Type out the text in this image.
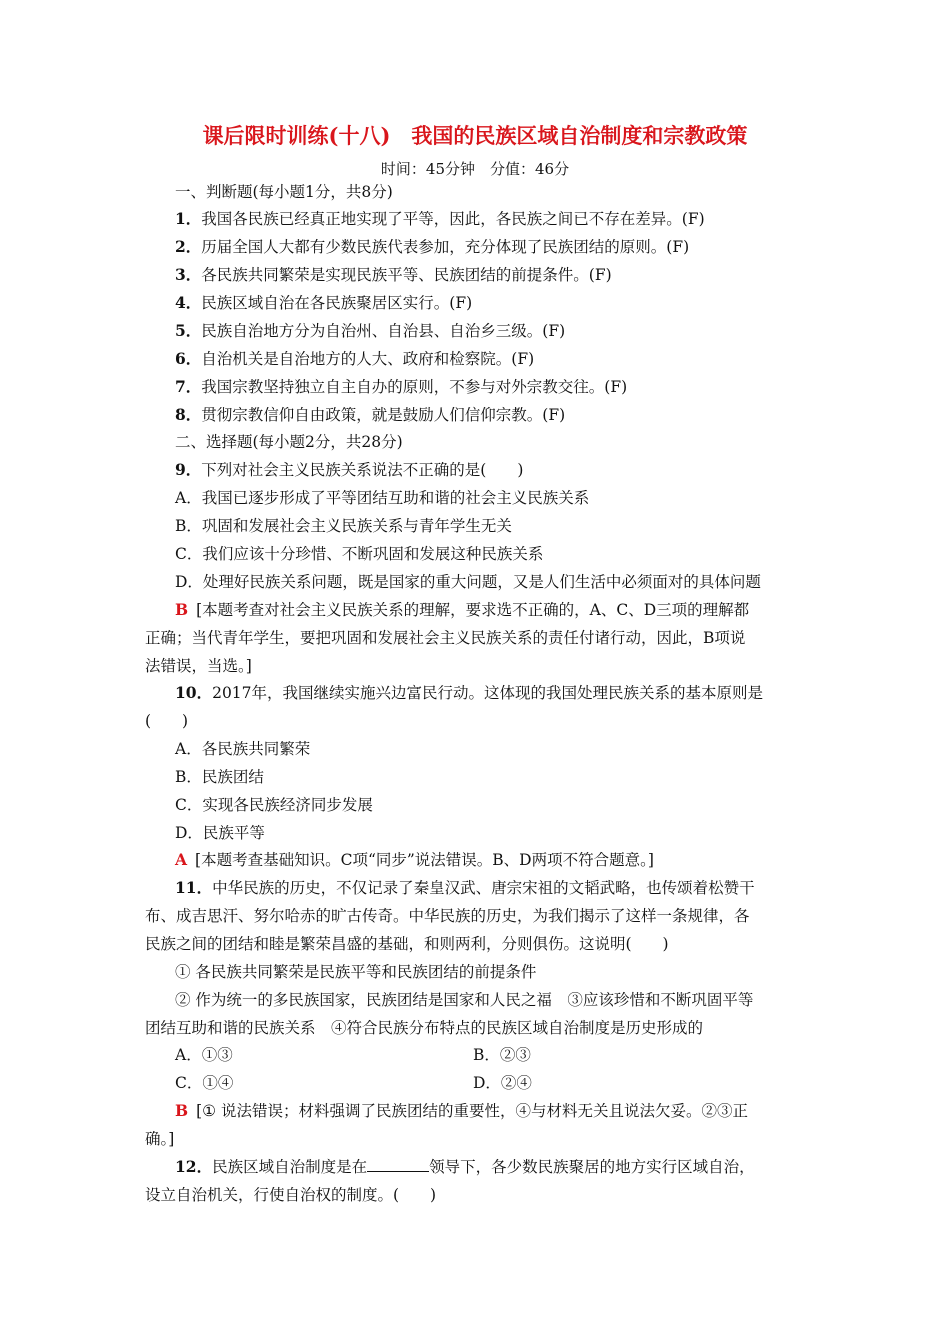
课后限时训练(十八)　我国的民族区域自治制度和宗教政策
时间：45分钟　分值：46分
一、判断题(每小题1分，共8分)
1．我国各民族已经真正地实现了平等，因此，各民族之间已不存在差异。(F)
2．历届全国人大都有少数民族代表参加，充分体现了民族团结的原则。(F)
3．各民族共同繁荣是实现民族平等、民族团结的前提条件。(F)
4．民族区域自治在各民族聚居区实行。(F)
5．民族自治地方分为自治州、自治县、自治乡三级。(F)
6．自治机关是自治地方的人大、政府和检察院。(F)
7．我国宗教坚持独立自主自办的原则，不参与对外宗教交往。(F)
8．贯彻宗教信仰自由政策，就是鼓励人们信仰宗教。(F)
二、选择题(每小题2分，共28分)
9．下列对社会主义民族关系说法不正确的是(　　)
A．我国已逐步形成了平等团结互助和谐的社会主义民族关系
B．巩固和发展社会主义民族关系与青年学生无关
C．我们应该十分珍惜、不断巩固和发展这种民族关系
D．处理好民族关系问题，既是国家的重大问题，又是人们生活中必须面对的具体问题
B [本题考查对社会主义民族关系的理解，要求选不正确的，A、C、D三项的理解都
正确；当代青年学生，要把巩固和发展社会主义民族关系的责任付诸行动，因此，B项说
法错误，当选。]
10．2017年，我国继续实施兴边富民行动。这体现的我国处理民族关系的基本原则是
(　　)
A．各民族共同繁荣
B．民族团结
C．实现各民族经济同步发展
D．民族平等
A [本题考查基础知识。C项“同步”说法错误。B、D两项不符合题意。]
11．中华民族的历史，不仅记录了秦皇汉武、唐宗宋祖的文韬武略，也传颂着松赞干
布、成吉思汗、努尔哈赤的旷古传奇。中华民族的历史，为我们揭示了这样一条规律，各
民族之间的团结和睦是繁荣昌盛的基础，和则两利，分则俱伤。这说明(　　)
① 各民族共同繁荣是民族平等和民族团结的前提条件
② 作为统一的多民族国家，民族团结是国家和人民之福　③应该珍惜和不断巩固平等
团结互助和谐的民族关系　④符合民族分布特点的民族区域自治制度是历史形成的
A．①③	B．②③
C．①④	D．②④
B [① 说法错误；材料强调了民族团结的重要性，④与材料无关且说法欠妥。②③正
确。]
12．民族区域自治制度是在	领导下，各少数民族聚居的地方实行区域自治，
设立自治机关，行使自治权的制度。(　　)
